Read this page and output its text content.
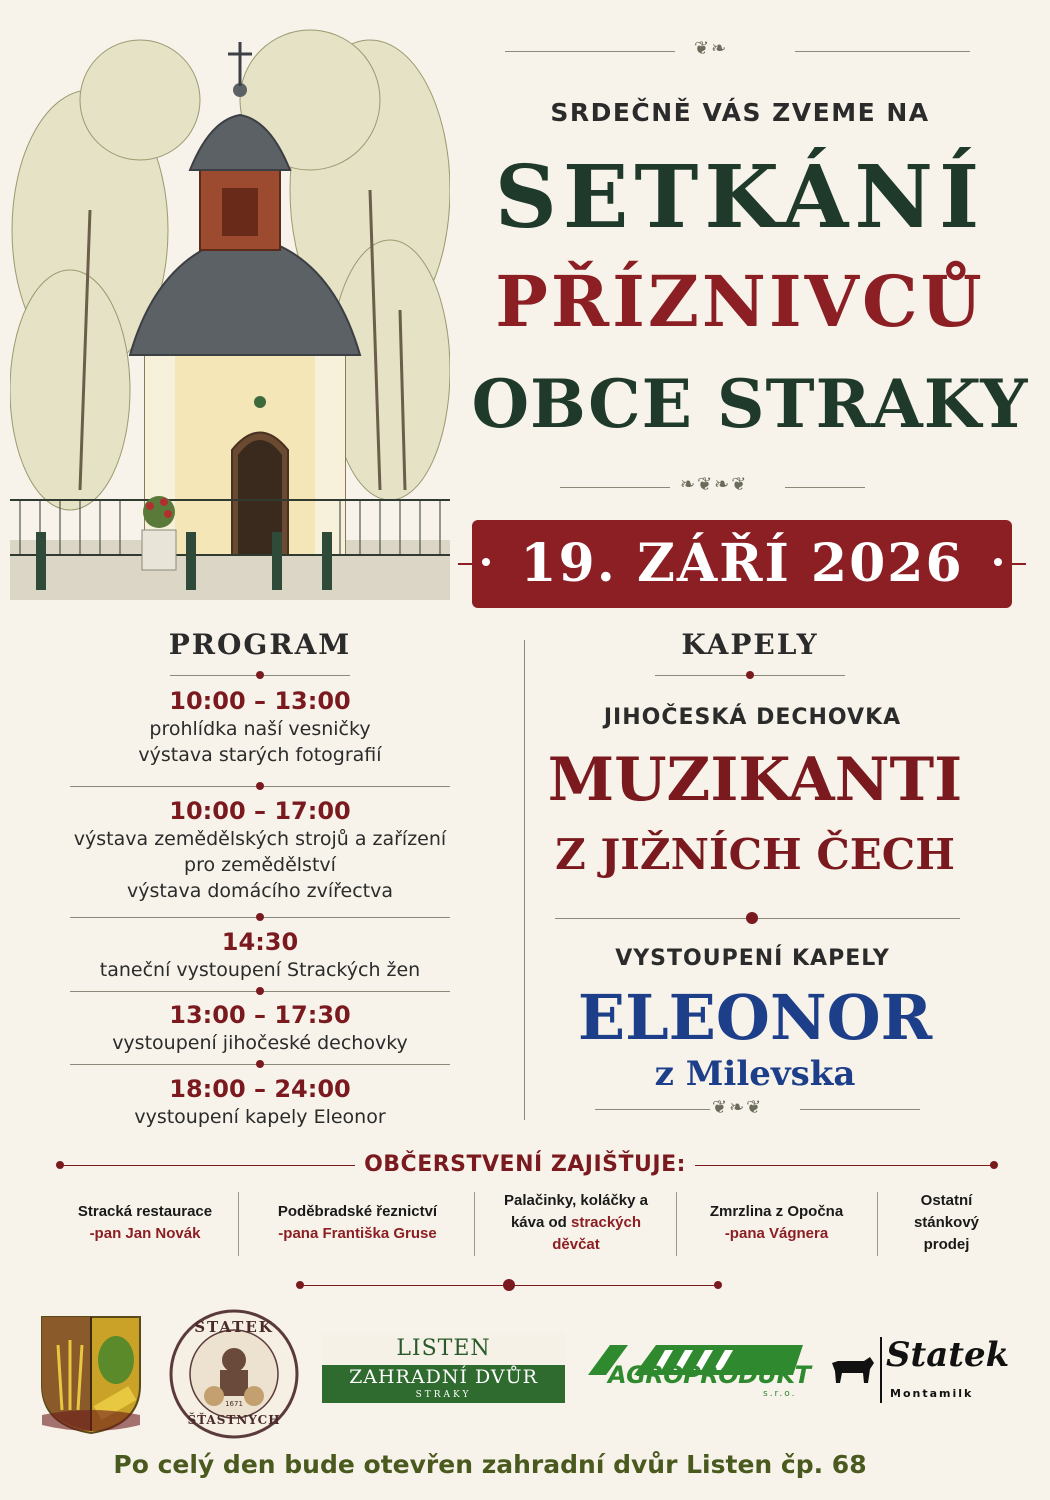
❦❧
SRDEČNĚ VÁS ZVEME NA
SETKÁNÍ
PŘÍZNIVCŮ
OBCE STRAKY
❧❦❧❦
19. ZÁŘÍ 2026
PROGRAM
10:00 – 13:00
prohlídka naší vesničky
výstava starých fotografií
10:00 – 17:00
výstava zemědělských strojů a zařízení
pro zemědělství
výstava domácího zvířectva
14:30
taneční vystoupení Strackých žen
13:00 – 17:30
vystoupení jihočeské dechovky
18:00 – 24:00
vystoupení kapely Eleonor
KAPELY
JIHOČESKÁ DECHOVKA
MUZIKANTI
Z JIŽNÍCH ČECH
VYSTOUPENÍ KAPELY
ELEONOR
z Milevska
❦❧❦
OBČERSTVENÍ ZAJIŠŤUJE:
Stracká restaurace
-pan Jan Novák
Poděbradské řeznictví
-pana Františka Gruse
Palačinky, koláčky a
káva od strackých
děvčat
Zmrzlina z Opočna
-pana Vágnera
Ostatní
stánkový
prodej
STATEK
ŠŤASTNÝCH
1671
LISTEN
ZAHRADNÍ DVŮR
STRAKY
AGROPRODUKT
s.r.o.
Statek
Montamilk
Po celý den bude otevřen zahradní dvůr Listen čp. 68
